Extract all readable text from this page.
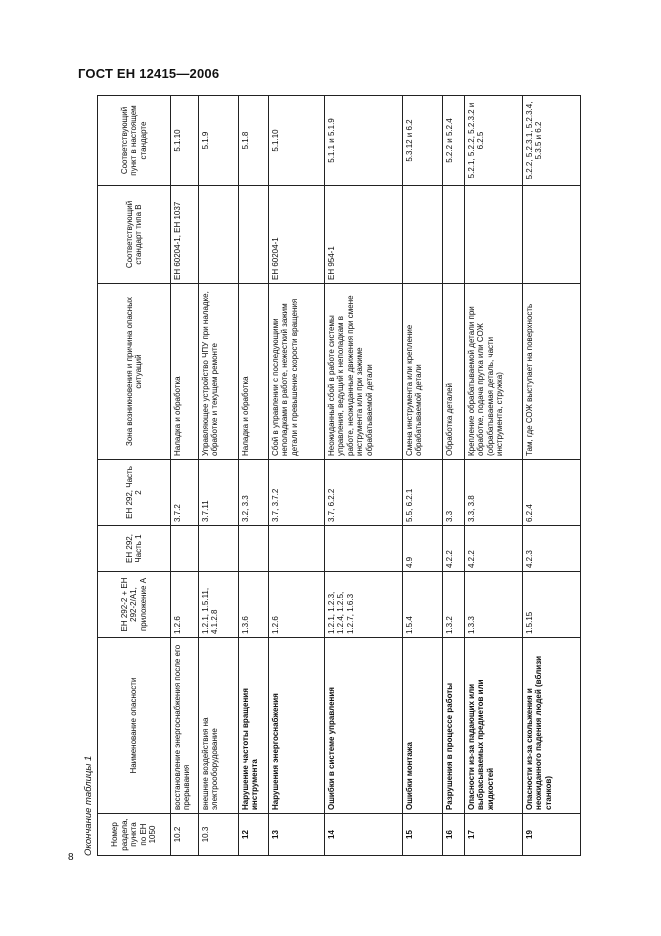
ГОСТ ЕН 12415—2006
Окончание таблицы 1 Номер раздела, пункта по ЕН 1050	Наименование опасности	ЕН 292-2 + ЕН 292-2/A1, приложение А	ЕН 292, Часть 1	ЕН 292, Часть 2	Зона возникновения и причина опасных ситуаций	Соответствующий стандарт типа В	Соответствующий пункт в настоящем стандарте
10.2	восстановление энергоснабжения после его прерывания	1.2.6		3.7.2	Наладка и обработка	ЕН 60204-1, ЕН 1037	5.1.10
10.3	внешние воздействия на электрооборудование	1.2.1, 1.5.11, 4.1.2.8		3.7.11	Управляющее устройство ЧПУ при наладке, обработке и текущем ремонте		5.1.9
12	Нарушение частоты вращения инструмента	1.3.6		3.2, 3.3	Наладка и обработка		5.1.8
13	Нарушения энергоснабжения	1.2.6		3.7, 3.7.2	Сбой в управлении с последующими неполадками в работе, нежесткий зажим детали и превышение скорости вращения	ЕН 60204-1	5.1.10
14	Ошибки в системе управления	1.2.1, 1.2.3, 1.2.4, 1.2.5, 1.2.7, 1.6.3		3.7, 6.2.2	Неожиданный сбой в работе системы управления, ведущий к неполадкам в работе, неожиданные движения при смене инструмента или при зажиме обрабатываемой детали	ЕН 954-1	5.1.1 и 5.1.9
15	Ошибки монтажа	1.5.4	4.9	5.5, 6.2.1	Смена инструмента или крепление обрабатываемой детали		5.3.12 и 6.2
16	Разрушения в процессе работы	1.3.2	4.2.2	3.3	Обработка деталей		5.2.2 и 5.2.4
17	Опасности из-за падающих или выбрасываемых предметов или жидкостей	1.3.3	4.2.2	3.3, 3.8	Крепление обрабатываемой детали при обработке, подача прутка или СОЖ (обрабатываемая деталь, части инструмента, стружка)		5.2.1, 5.2.2, 5.2.3.2 и 6.2.5
19	Опасности из-за скольжения и неожиданного падения людей (вблизи станков)	1.5.15	4.2.3	6.2.4	Там, где СОЖ выступает на поверхность		5.2.2, 5.2.3.1, 5.2.3.4, 5.3.5 и 6.2
8
